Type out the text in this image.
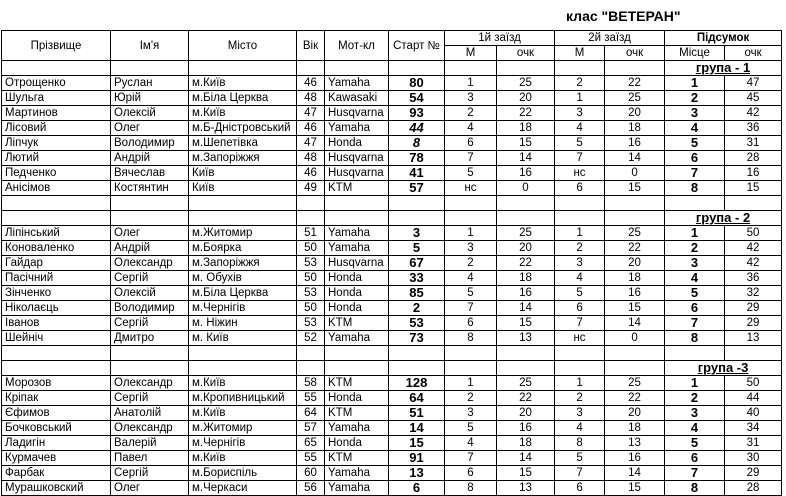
клас "ВЕТЕРАН"
Прізвище	Ім'я	Місто	Вік	Мот-кл	Старт №	1й заїзд		2й заїзд		Підсумок	
						М	очк	М	очк	Місце	очк
										група - 1	
Отрощенко	Руслан	м.Київ	46	Yamaha	80	1	25	2	22	1	47
Шульга	Юрій	м.Біла Церква	48	Kawasaki	54	3	20	1	25	2	45
Мартинов	Олексій	м.Київ	47	Husqvarna	93	2	22	3	20	3	42
Лісовий	Олег	м.Б-Дністровський	46	Yamaha	44	4	18	4	18	4	36
Ліпчук	Володимир	м.Шепетівка	47	Honda	8	6	15	5	16	5	31
Лютий	Андрій	м.Запоріжжя	48	Husqvarna	78	7	14	7	14	6	28
Педченко	Вячеслав	Київ	46	Husqvarna	41	5	16	нс	0	7	16
Анісімов	Костянтин	Київ	49	KTM	57	нс	0	6	15	8	15

										група - 2	
Ліпінський	Олег	м.Житомир	51	Yamaha	3	1	25	1	25	1	50
Коноваленко	Андрій	м.Боярка	50	Yamaha	5	3	20	2	22	2	42
Гайдар	Олександр	м.Запоріжжя	53	Husqvarna	67	2	22	3	20	3	42
Пасічний	Сергій	м. Обухів	50	Honda	33	4	18	4	18	4	36
Зінченко	Олексій	м.Біла Церква	53	Honda	85	5	16	5	16	5	32
Ніколаєць	Володимир	м.Чернігів	50	Honda	2	7	14	6	15	6	29
Іванов	Сергій	м. Ніжин	53	KTM	53	6	15	7	14	7	29
Шейніч	Дмитро	м. Київ	52	Yamaha	73	8	13	нс	0	8	13

										група -3	
Морозов	Олександр	м.Київ	58	KTM	128	1	25	1	25	1	50
Кріпак	Сергій	м.Кропивницький	55	Honda	64	2	22	2	22	2	44
Єфимов	Анатолій	м.Київ	64	KTM	51	3	20	3	20	3	40
Бочковський	Олександр	м.Житомир	57	Yamaha	14	5	16	4	18	4	34
Ладигін	Валерій	м.Чернігів	65	Honda	15	4	18	8	13	5	31
Курмачев	Павел	м.Київ	55	KTM	91	7	14	5	16	6	30
Фарбак	Сергій	м.Бориспіль	60	Yamaha	13	6	15	7	14	7	29
Мурашковский	Олег	м.Черкаси	56	Yamaha	6	8	13	6	15	8	28
